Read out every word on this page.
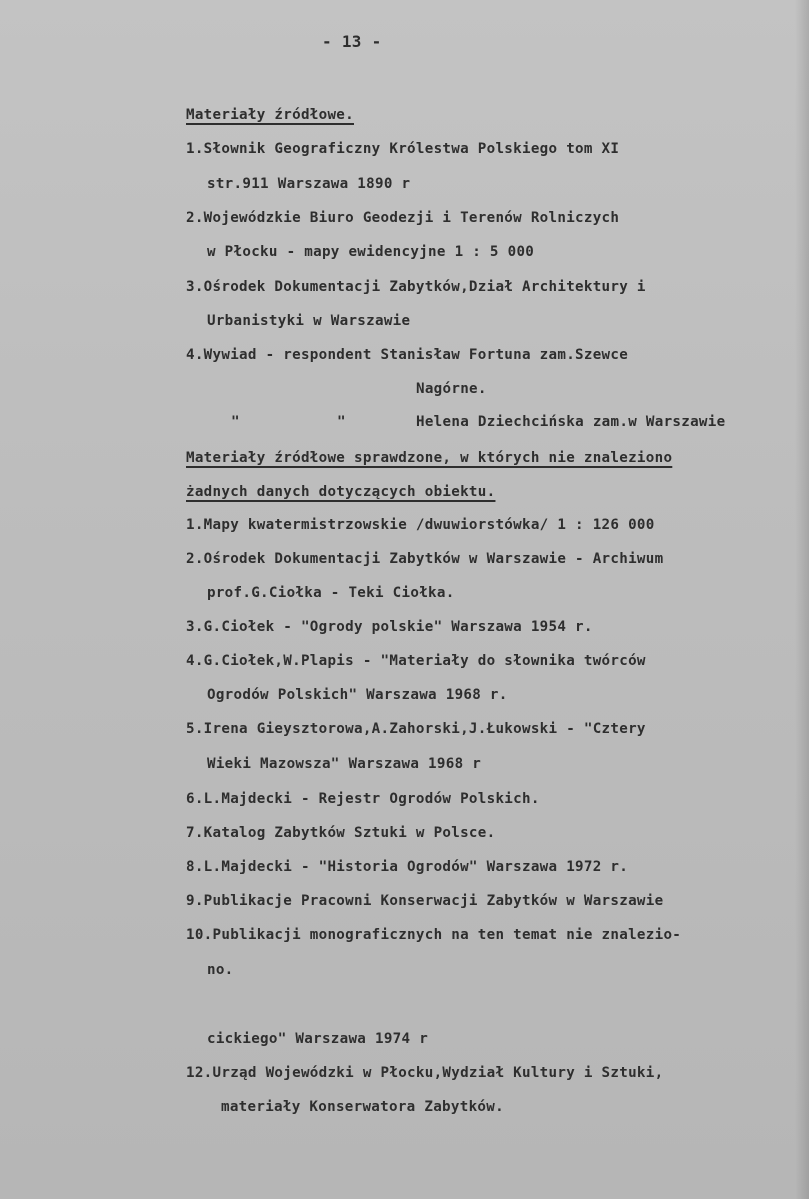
- 13 -
Materiały źródłowe.
1.Słownik Geograficzny Królestwa Polskiego tom XI
str.911 Warszawa 1890 r
2.Wojewódzkie Biuro Geodezji i Terenów Rolniczych
w Płocku - mapy ewidencyjne 1 : 5 000
3.Ośrodek Dokumentacji Zabytków,Dział Architektury i
Urbanistyki w Warszawie
4.Wywiad - respondent Stanisław Fortuna zam.Szewce
Nagórne.
"	"	Helena Dziechcińska zam.w Warszawie
Materiały źródłowe sprawdzone, w których nie znaleziono
żadnych danych dotyczących obiektu.
1.Mapy kwatermistrzowskie /dwuwiorstówka/ 1 : 126 000
2.Ośrodek Dokumentacji Zabytków w Warszawie - Archiwum
prof.G.Ciołka - Teki Ciołka.
3.G.Ciołek - "Ogrody polskie" Warszawa 1954 r.
4.G.Ciołek,W.Plapis - "Materiały do słownika twórców
Ogrodów Polskich" Warszawa 1968 r.
5.Irena Gieysztorowa,A.Zahorski,J.Łukowski - "Cztery
Wieki Mazowsza" Warszawa 1968 r
6.L.Majdecki - Rejestr Ogrodów Polskich.
7.Katalog Zabytków Sztuki w Polsce.
8.L.Majdecki - "Historia Ogrodów" Warszawa 1972 r.
9.Publikacje Pracowni Konserwacji Zabytków w Warszawie
10.Publikacji monograficznych na ten temat nie znalezio-
no.
cickiego" Warszawa 1974 r
12.Urząd Wojewódzki w Płocku,Wydział Kultury i Sztuki,
materiały Konserwatora Zabytków.
